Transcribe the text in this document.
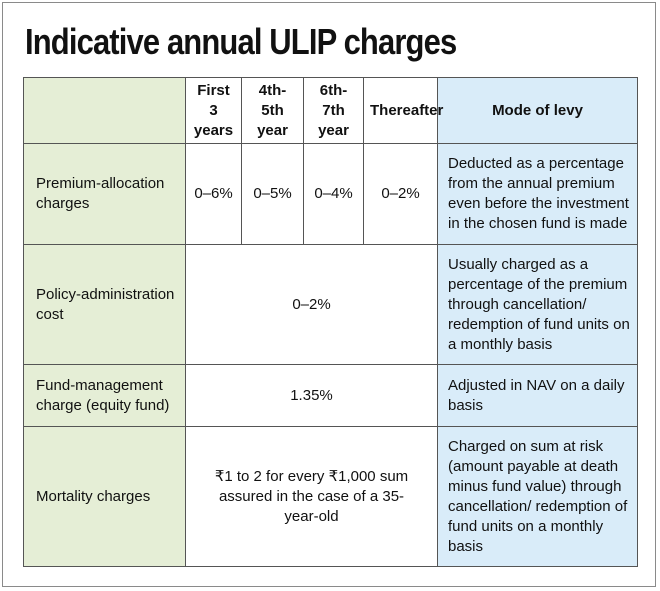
Indicative annual ULIP charges
	First 3 years	4th-5th year	6th-7th year	Thereafter	Mode of levy
Premium-allocation charges	0–6%	0–5%	0–4%	0–2%	Deducted as a percentage from the annual premium even before the investment in the chosen fund is made
Policy-administration cost	0–2%				Usually charged as a percentage of the premium through cancellation/ redemption of fund units on a monthly basis
Fund-management charge (equity fund)	1.35%				Adjusted in NAV on a daily basis
Mortality charges	₹1 to 2 for every ₹1,000 sum assured in the case of a 35-year-old				Charged on sum at risk (amount payable at death minus fund value) through cancellation/ redemption of fund units on a monthly basis
